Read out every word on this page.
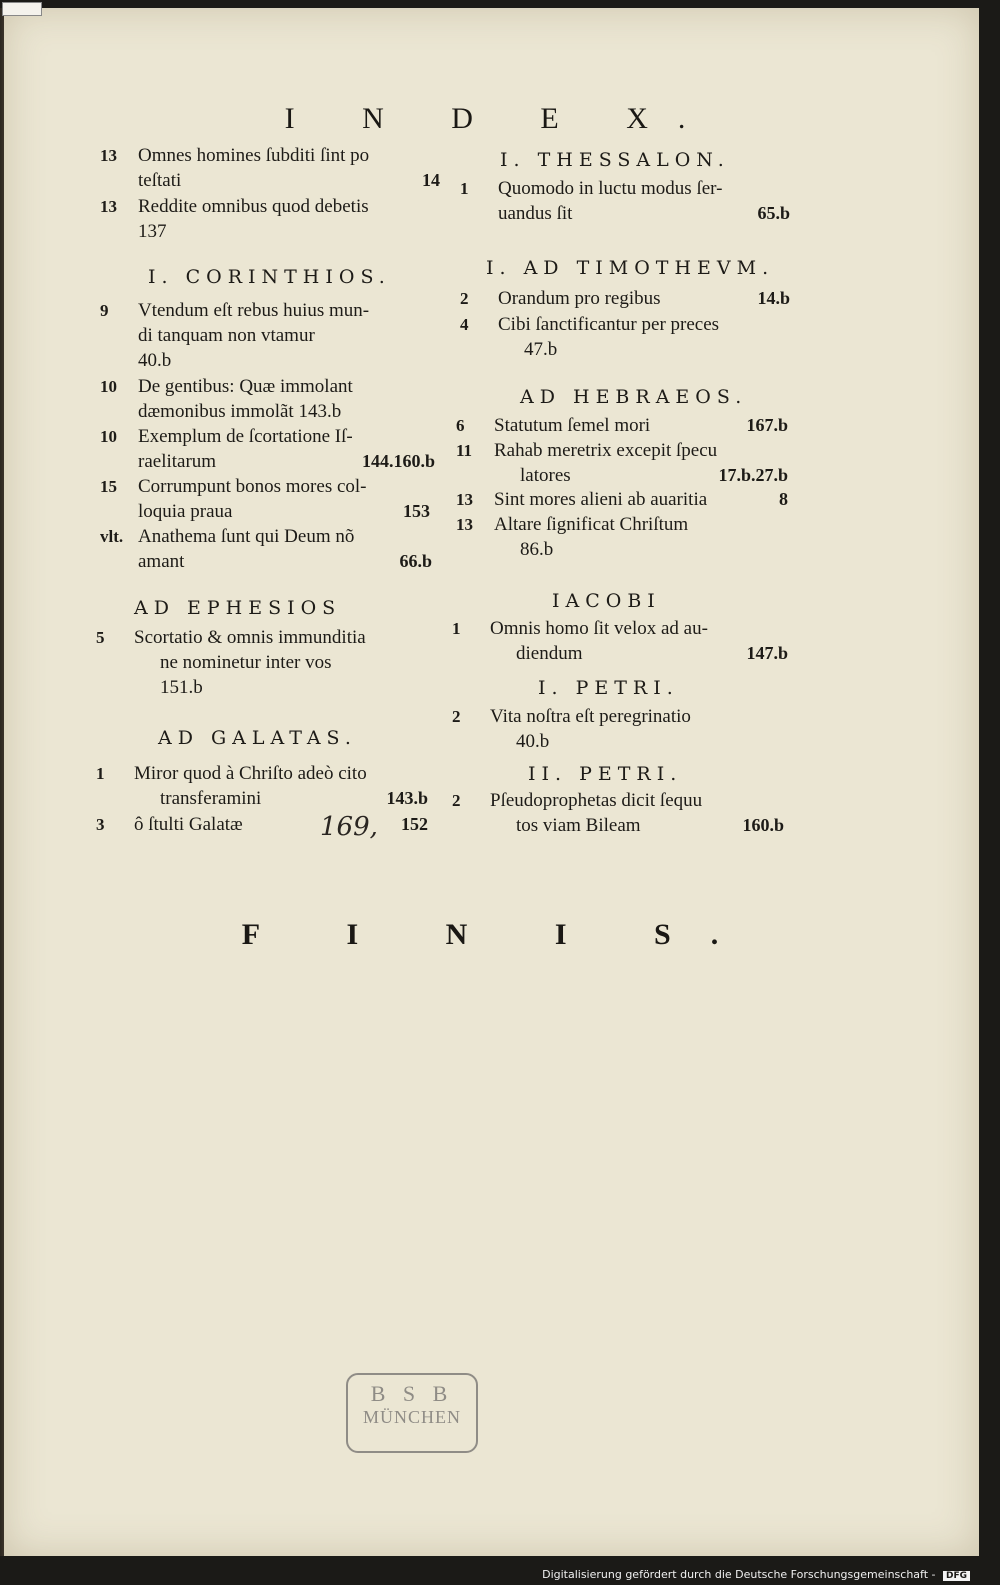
I N D E X.
13	Omnes homines ſubditi ſint po
teſtati	14
13	Reddite omnibus quod debetis
137
I. CORINTHIOS.
9	Vtendum eſt rebus huius mun-
di tanquam non vtamur
40.b
10	De gentibus: Quæ immolant
dæmonibus immolãt 143.b
10	Exemplum de ſcortatione Iſ-
raelitarum	144.160.b
15	Corrumpunt bonos mores col-
loquia praua	153
vlt. Anathema ſunt qui Deum nõ
amant	66.b
AD EPHESIOS
5	Scortatio & omnis immunditia
ne nominetur inter vos
151.b
AD GALATAS.
1	Miror quod à Chriſto adeò cito
transferamini	143.b
3	ô ſtulti Galatæ	152
169,
I. THESSALON.
1	Quomodo in luctu modus ſer-
uandus ſit	65.b
I. AD TIMOTHEVM.
2	Orandum pro regibus	14.b
4	Cibi ſanctificantur per preces
47.b
AD HEBRAEOS.
6	Statutum ſemel mori	167.b
11	Rahab meretrix excepit ſpecu
latores	17.b.27.b
13	Sint mores alieni ab auaritia	8
13	Altare ſignificat Chriſtum
86.b
IACOBI
1	Omnis homo ſit velox ad au-
diendum	147.b
I. PETRI.
2	Vita noſtra eſt peregrinatio
40.b
II. PETRI.
2	Pſeudoprophetas dicit ſequu
tos viam Bileam	160.b
F I N I S.
B S B
MÜNCHEN
Digitalisierung gefördert durch die Deutsche Forschungsgemeinschaft - DFG
